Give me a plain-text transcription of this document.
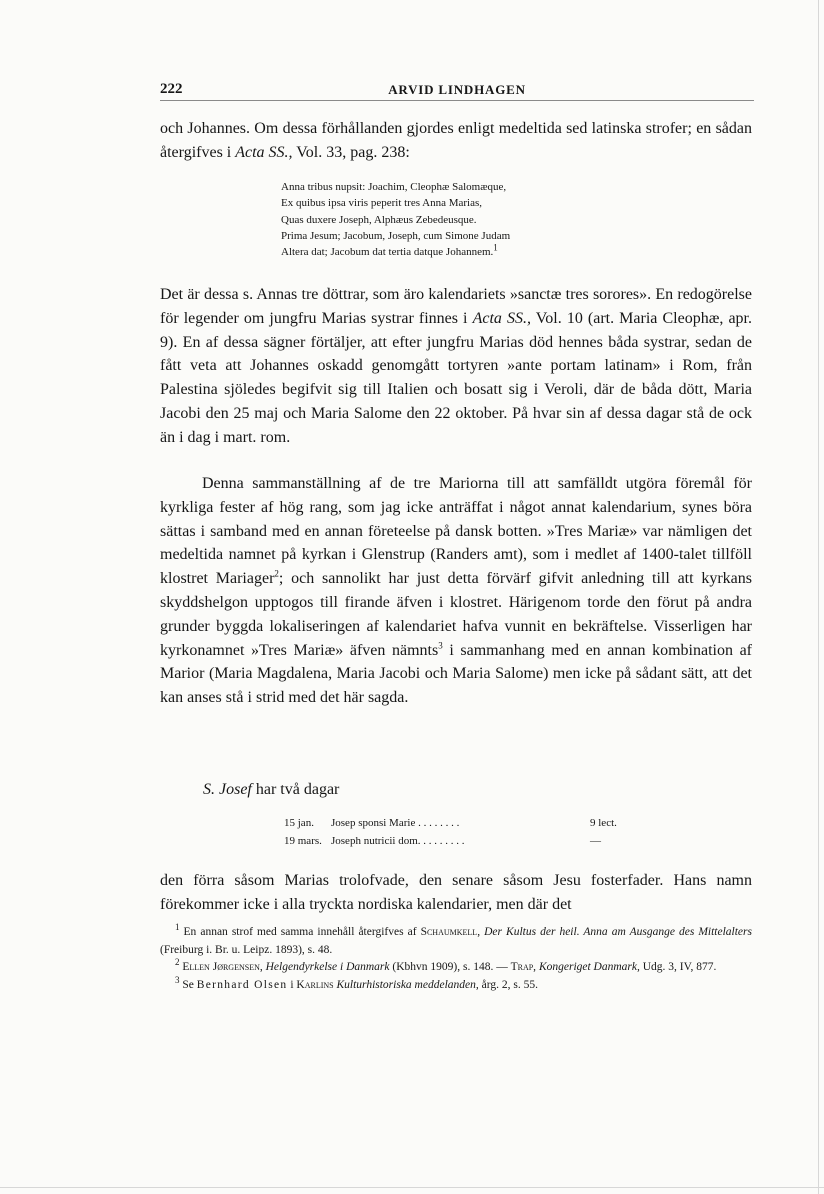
222	ARVID LINDHAGEN

och Johannes. Om dessa förhållanden gjordes enligt medeltida sed latinska strofer; en sådan återgifves i Acta SS., Vol. 33, pag. 238:

Anna tribus nupsit: Joachim, Cleophæ Salomæque,
Ex quibus ipsa viris peperit tres Anna Marias,
Quas duxere Joseph, Alphæus Zebedeusque.
Prima Jesum; Jacobum, Joseph, cum Simone Judam
Altera dat; Jacobum dat tertia datque Johannem.$^1$

Det är dessa s. Annas tre döttrar, som äro kalendariets »sanctæ tres sorores». En redogörelse för legender om jungfru Marias systrar finnes i Acta SS., Vol. 10 (art. Maria Cleophæ, apr. 9). En af dessa sägner förtäljer, att efter jungfru Marias död hennes båda systrar, sedan de fått veta att Johannes oskadd genomgått tortyren »ante portam latinam» i Rom, från Palestina sjöledes begifvit sig till Italien och bosatt sig i Veroli, där de båda dött, Maria Jacobi den 25 maj och Maria Salome den 22 oktober. På hvar sin af dessa dagar stå de ock än i dag i mart. rom.

Denna sammanställning af de tre Mariorna till att samfälldt utgöra föremål för kyrkliga fester af hög rang, som jag icke anträffat i något annat kalendarium, synes böra sättas i samband med en annan företeelse på dansk botten. »Tres Mariæ» var nämligen det medeltida namnet på kyrkan i Glenstrup (Randers amt), som i medlet af 1400-talet tillföll klostret Mariager$^2$; och sannolikt har just detta förvärf gifvit anledning till att kyrkans skyddshelgon upptogos till firande äfven i klostret. Härigenom torde den förut på andra grunder byggda lokaliseringen af kalendariet hafva vunnit en bekräftelse. Visserligen har kyrkonamnet »Tres Mariæ» äfven nämnts$^3$ i sammanhang med en annan kombination af Marior (Maria Magdalena, Maria Jacobi och Maria Salome) men icke på sådant sätt, att det kan anses stå i strid med det här sagda.

S. Josef har två dagar
15 jan. Josep sponsi Marie . . . . . . . .	9 lect.
19 mars. Joseph nutricii dom. . . . . . . . .	—

den förra såsom Marias trolofvade, den senare såsom Jesu fosterfader. Hans namn förekommer icke i alla tryckta nordiska kalendarier, men där det

$^1$ En annan strof med samma innehåll återgifves af Schaumkell, Der Kultus der heil. Anna am Ausgange des Mittelalters (Freiburg i. Br. u. Leipz. 1893), s. 48.

$^2$ Ellen Jørgensen, Helgendyrkelse i Danmark (Kbhvn 1909), s. 148. — Trap, Kongeriget Danmark, Udg. 3, IV, 877.

$^3$ Se Bernhard Olsen i Karlins Kulturhistoriska meddelanden, årg. 2, s. 55.
